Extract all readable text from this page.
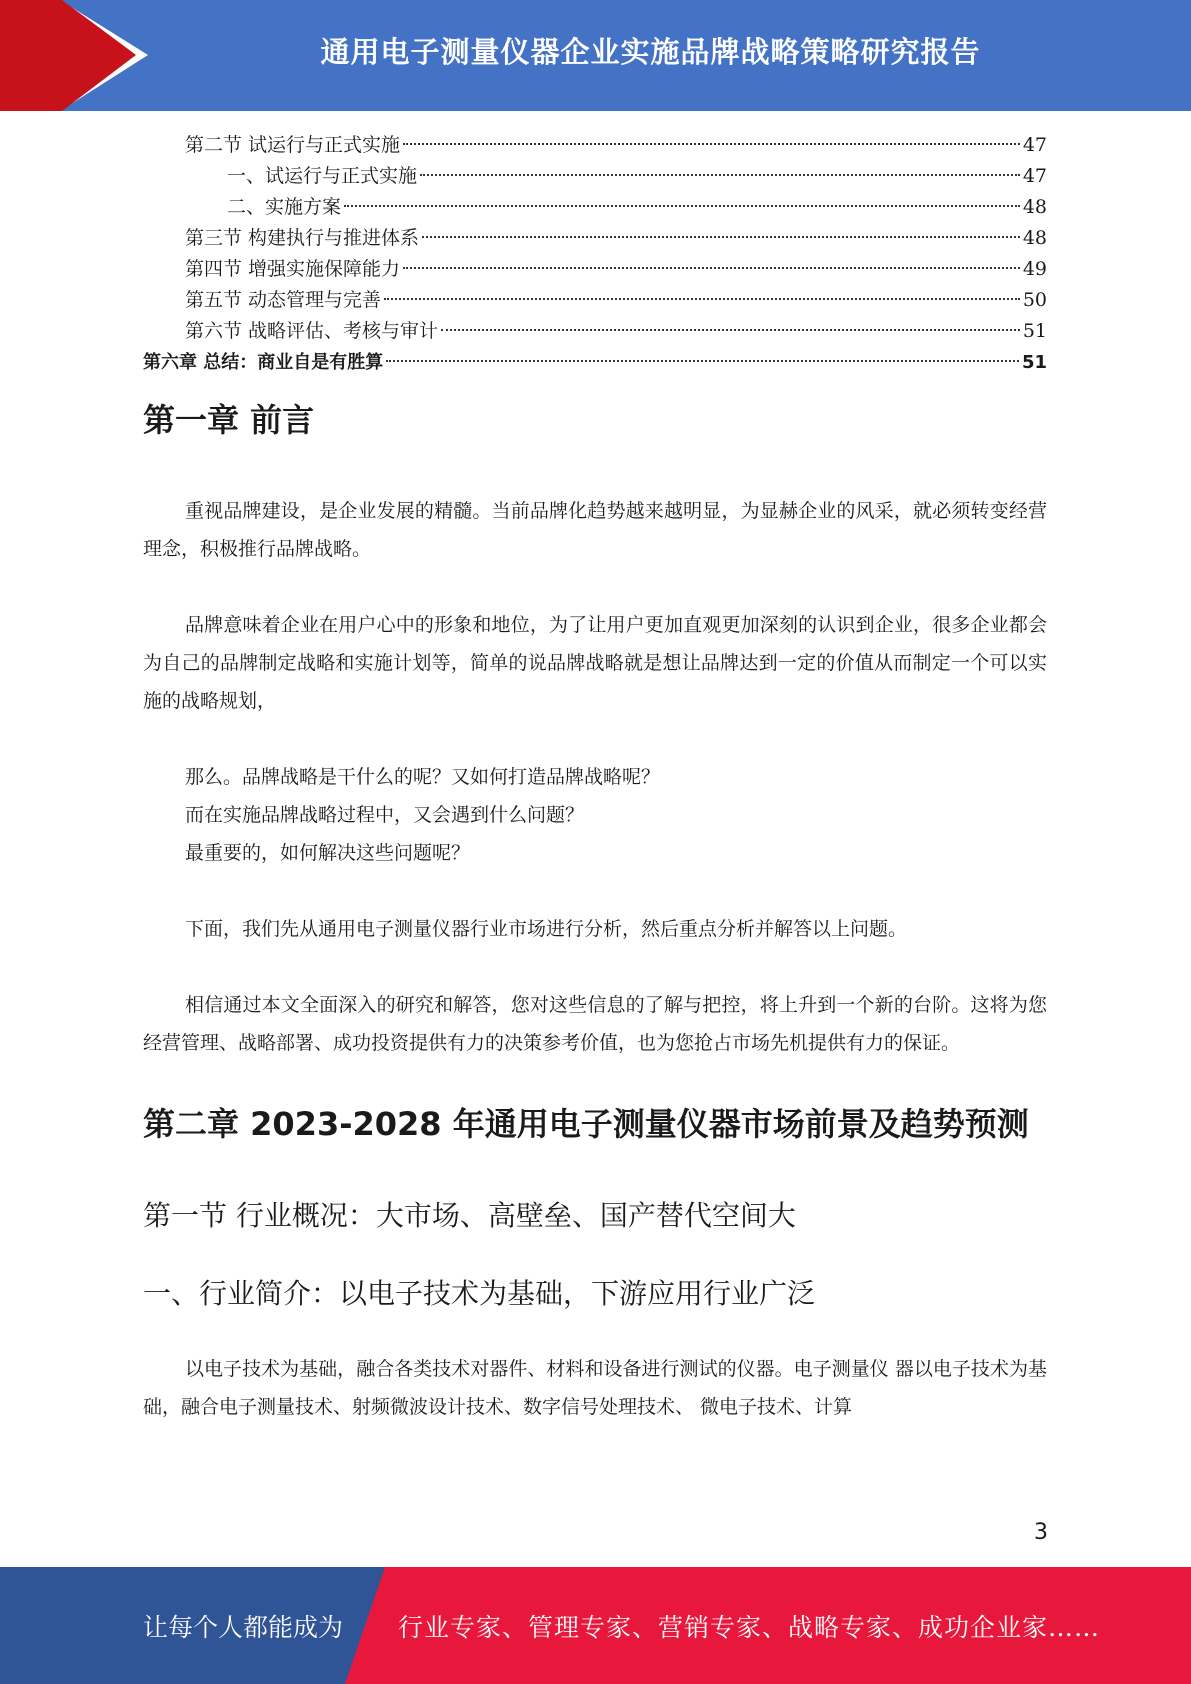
通用电子测量仪器企业实施品牌战略策略研究报告
第二节 试运行与正式实施	47
一、试运行与正式实施	47
二、实施方案	48
第三节 构建执行与推进体系	48
第四节 增强实施保障能力	49
第五节 动态管理与完善	50
第六节 战略评估、考核与审计	51
第六章 总结：商业自是有胜算	51
第一章 前言

重视品牌建设，是企业发展的精髓。当前品牌化趋势越来越明显，为显赫企业的风采，就必须转变经营理念，积极推行品牌战略。

品牌意味着企业在用户心中的形象和地位，为了让用户更加直观更加深刻的认识到企业，很多企业都会为自己的品牌制定战略和实施计划等，简单的说品牌战略就是想让品牌达到一定的价值从而制定一个可以实施的战略规划，

那么。品牌战略是干什么的呢？又如何打造品牌战略呢？
而在实施品牌战略过程中，又会遇到什么问题？
最重要的，如何解决这些问题呢？

下面，我们先从通用电子测量仪器行业市场进行分析，然后重点分析并解答以上问题。

相信通过本文全面深入的研究和解答，您对这些信息的了解与把控，将上升到一个新的台阶。这将为您经营管理、战略部署、成功投资提供有力的决策参考价值，也为您抢占市场先机提供有力的保证。

第二章 2023-2028 年通用电子测量仪器市场前景及趋势预测
第一节 行业概况：大市场、高壁垒、国产替代空间大
一、行业简介：以电子技术为基础，下游应用行业广泛

以电子技术为基础，融合各类技术对器件、材料和设备进行测试的仪器。电子测量仪 器以电子技术为基础，融合电子测量技术、射频微波设计技术、数字信号处理技术、 微电子技术、计算

3
让每个人都能成为 行业专家、管理专家、营销专家、战略专家、成功企业家……
